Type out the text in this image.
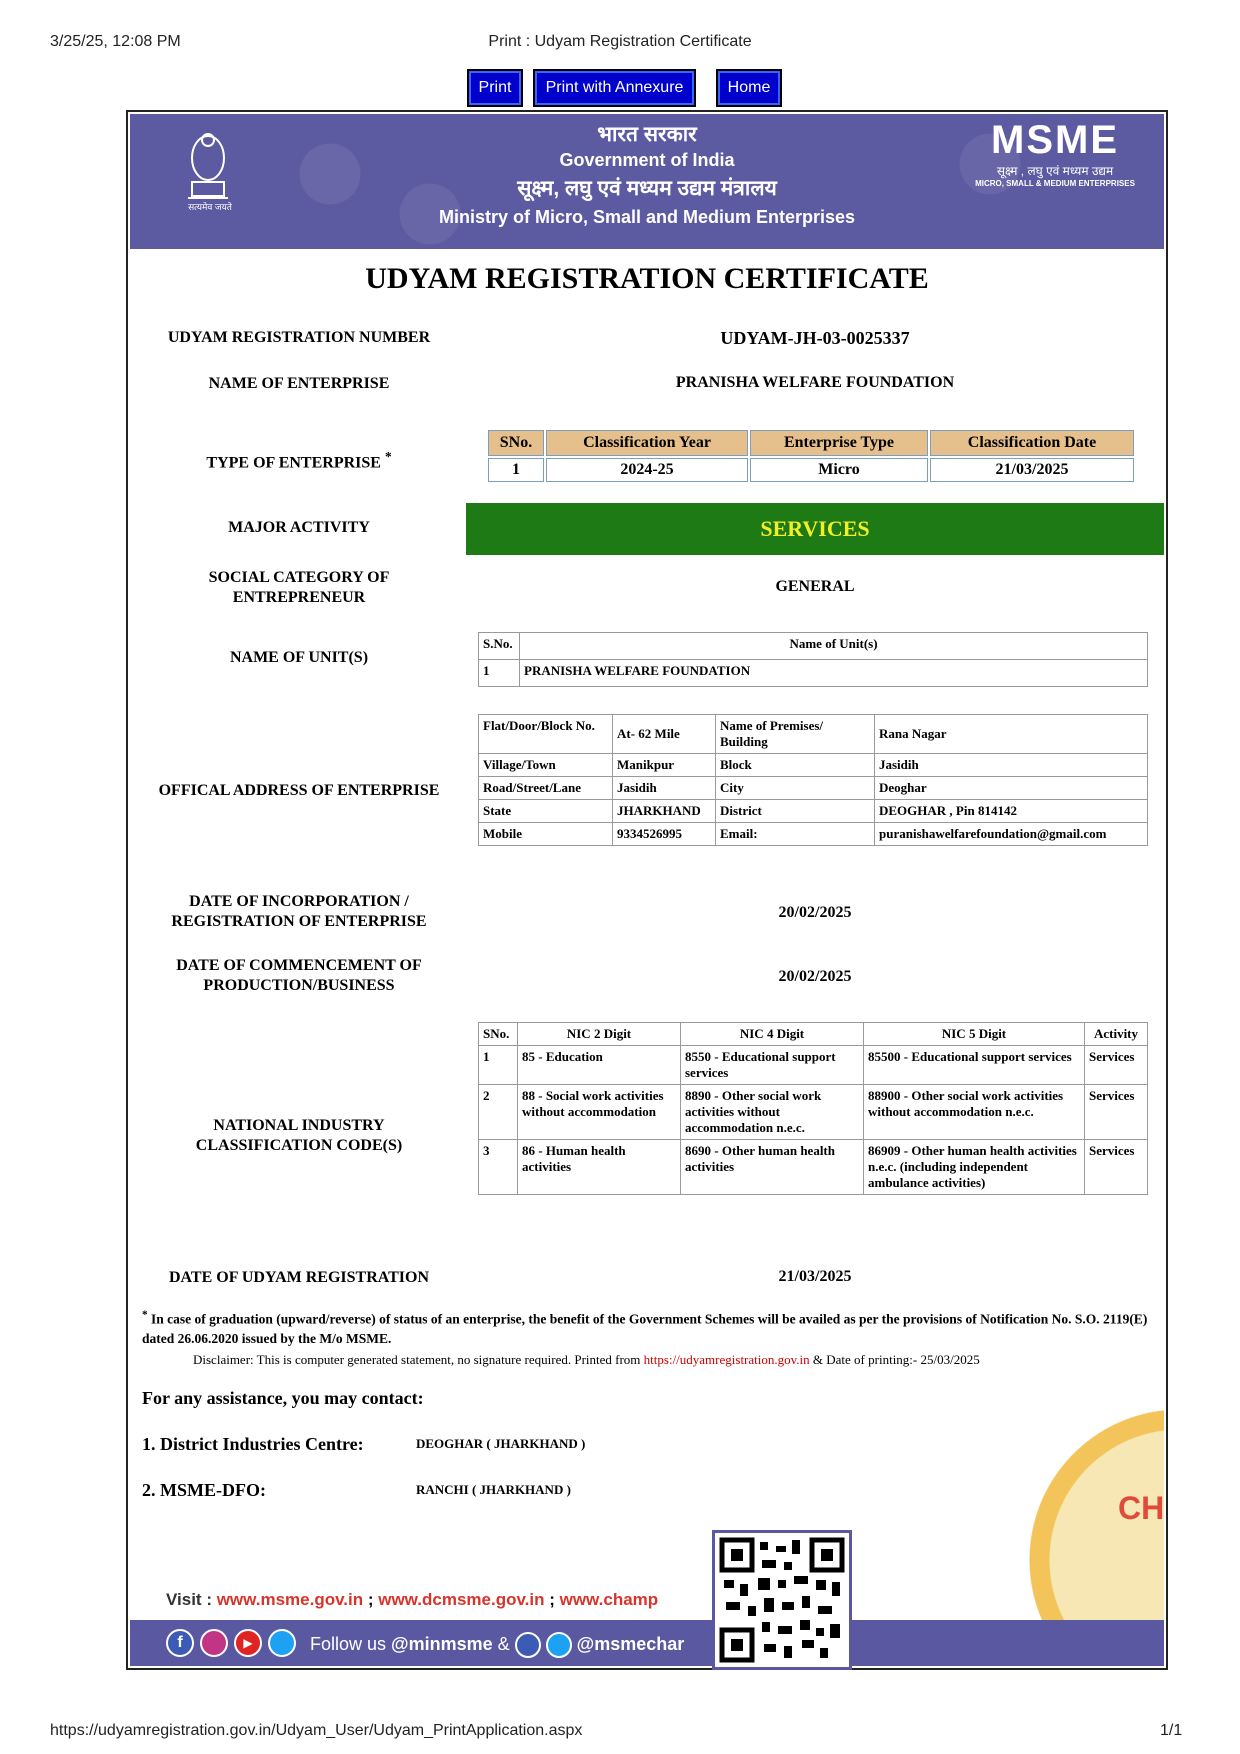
3/25/25, 12:08 PM	Print : Udyam Registration Certificate
Print	Print with Annexure	Home
सत्यमेव जयते
भारत सरकार
Government of India
सूक्ष्म, लघु एवं मध्यम उद्यम मंत्रालय
Ministry of Micro, Small and Medium Enterprises
MSME
सूक्ष्म , लघु एवं मध्यम उद्यम
MICRO, SMALL & MEDIUM ENTERPRISES
UDYAM REGISTRATION CERTIFICATE
UDYAM REGISTRATION NUMBER	UDYAM-JH-03-0025337
NAME OF ENTERPRISE	PRANISHA WELFARE FOUNDATION
TYPE OF ENTERPRISE *
SNo.	Classification Year	Enterprise Type	Classification Date
1	2024-25	Micro	21/03/2025
MAJOR ACTIVITY	SERVICES
SOCIAL CATEGORY OF
ENTREPRENEUR
GENERAL
NAME OF UNIT(S)
S.No.	Name of Unit(s)
1	PRANISHA WELFARE FOUNDATION
OFFICAL ADDRESS OF ENTERPRISE
Flat/Door/Block No.	At- 62 Mile	Name of Premises/ Building	Rana Nagar
Village/Town	Manikpur	Block	Jasidih
Road/Street/Lane	Jasidih	City	Deoghar
State	JHARKHAND	District	DEOGHAR , Pin 814142
Mobile	9334526995	Email:	puranishawelfarefoundation@gmail.com
DATE OF INCORPORATION /
REGISTRATION OF ENTERPRISE
20/02/2025
DATE OF COMMENCEMENT OF
PRODUCTION/BUSINESS
20/02/2025
NATIONAL INDUSTRY
CLASSIFICATION CODE(S)
SNo.	NIC 2 Digit	NIC 4 Digit	NIC 5 Digit	Activity
1	85 - Education	8550 - Educational support services	85500 - Educational support services	Services
2	88 - Social work activities without accommodation	8890 - Other social work activities without accommodation n.e.c.	88900 - Other social work activities without accommodation n.e.c.	Services
3	86 - Human health activities	8690 - Other human health activities	86909 - Other human health activities n.e.c. (including independent ambulance activities)	Services
DATE OF UDYAM REGISTRATION	21/03/2025
* In case of graduation (upward/reverse) of status of an enterprise, the benefit of the Government Schemes will be availed as per the provisions of Notification No. S.O. 2119(E) dated 26.06.2020 issued by the M/o MSME.
Disclaimer: This is computer generated statement, no signature required. Printed from https://udyamregistration.gov.in & Date of printing:- 25/03/2025
For any assistance, you may contact:
1. District Industries Centre:	DEOGHAR ( JHARKHAND )
2. MSME-DFO:	RANCHI ( JHARKHAND )
CH
Visit : www.msme.gov.in ; www.dcmsme.gov.in ; www.champ
f	▶	Follow us @minmsme &	@msmechar
https://udyamregistration.gov.in/Udyam_User/Udyam_PrintApplication.aspx	1/1
